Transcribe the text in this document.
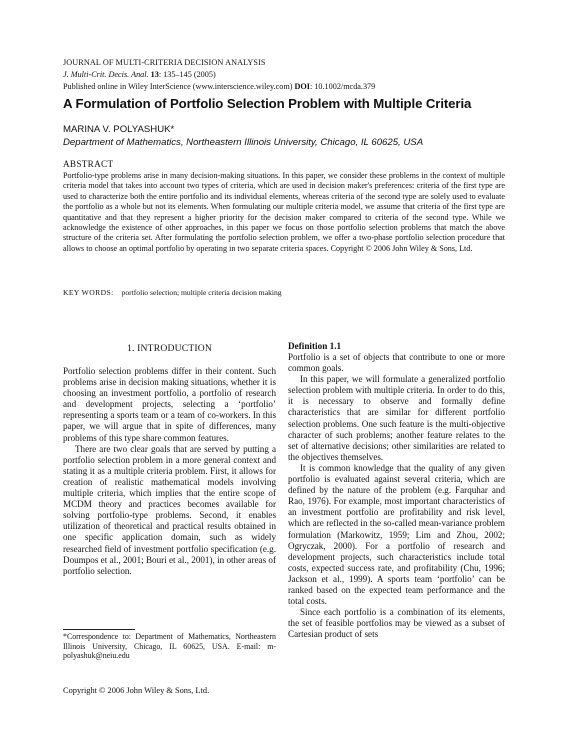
JOURNAL OF MULTI-CRITERIA DECISION ANALYSIS
J. Multi-Crit. Decis. Anal. 13: 135–145 (2005)
Published online in Wiley InterScience (www.interscience.wiley.com) DOI: 10.1002/mcda.379
A Formulation of Portfolio Selection Problem with Multiple Criteria
MARINA V. POLYASHUK*
Department of Mathematics, Northeastern Illinois University, Chicago, IL 60625, USA
ABSTRACT
Portfolio-type problems arise in many decision-making situations. In this paper, we consider these problems in the context of multiple criteria model that takes into account two types of criteria, which are used in decision maker's preferences: criteria of the first type are used to characterize both the entire portfolio and its individual elements, whereas criteria of the second type are solely used to evaluate the portfolio as a whole but not its elements. When formulating our multiple criteria model, we assume that criteria of the first type are quantitative and that they represent a higher priority for the decision maker compared to criteria of the second type. While we acknowledge the existence of other approaches, in this paper we focus on those portfolio selection problems that match the above structure of the criteria set. After formulating the portfolio selection problem, we offer a two-phase portfolio selection procedure that allows to choose an optimal portfolio by operating in two separate criteria spaces. Copyright © 2006 John Wiley & Sons, Ltd.
KEY WORDS: portfolio selection; multiple criteria decision making
1. INTRODUCTION

Portfolio selection problems differ in their content. Such problems arise in decision making situations, whether it is choosing an investment portfolio, a portfolio of research and development projects, selecting a ‘portfolio’ representing a sports team or a team of co-workers. In this paper, we will argue that in spite of differences, many problems of this type share common features.

There are two clear goals that are served by putting a portfolio selection problem in a more general context and stating it as a multiple criteria problem. First, it allows for creation of realistic mathematical models involving multiple criteria, which implies that the entire scope of MCDM theory and practices becomes available for solving portfolio-type problems. Second, it enables utilization of theoretical and practical results obtained in one specific application domain, such as widely researched field of investment portfolio specification (e.g. Doumpos et al., 2001; Bouri et al., 2001), in other areas of portfolio selection.

*Correspondence to: Department of Mathematics, Northeastern Illinois University, Chicago, IL 60625, USA. E-mail: m-polyashuk@neiu.edu
Definition 1.1

Portfolio is a set of objects that contribute to one or more common goals.

In this paper, we will formulate a generalized portfolio selection problem with multiple criteria. In order to do this, it is necessary to observe and formally define characteristics that are similar for different portfolio selection problems. One such feature is the multi-objective character of such problems; another feature relates to the set of alternative decisions; other similarities are related to the objectives themselves.

It is common knowledge that the quality of any given portfolio is evaluated against several criteria, which are defined by the nature of the problem (e.g. Farquhar and Rao, 1976). For example, most important characteristics of an investment portfolio are profitability and risk level, which are reflected in the so-called mean-variance problem formulation (Markowitz, 1959; Lim and Zhou, 2002; Ogryczak, 2000). For a portfolio of research and development projects, such characteristics include total costs, expected success rate, and profitability (Chu, 1996; Jackson et al., 1999). A sports team ‘portfolio’ can be ranked based on the expected team performance and the total costs.

Since each portfolio is a combination of its elements, the set of feasible portfolios may be viewed as a subset of Cartesian product of sets

Copyright © 2006 John Wiley & Sons, Ltd.
